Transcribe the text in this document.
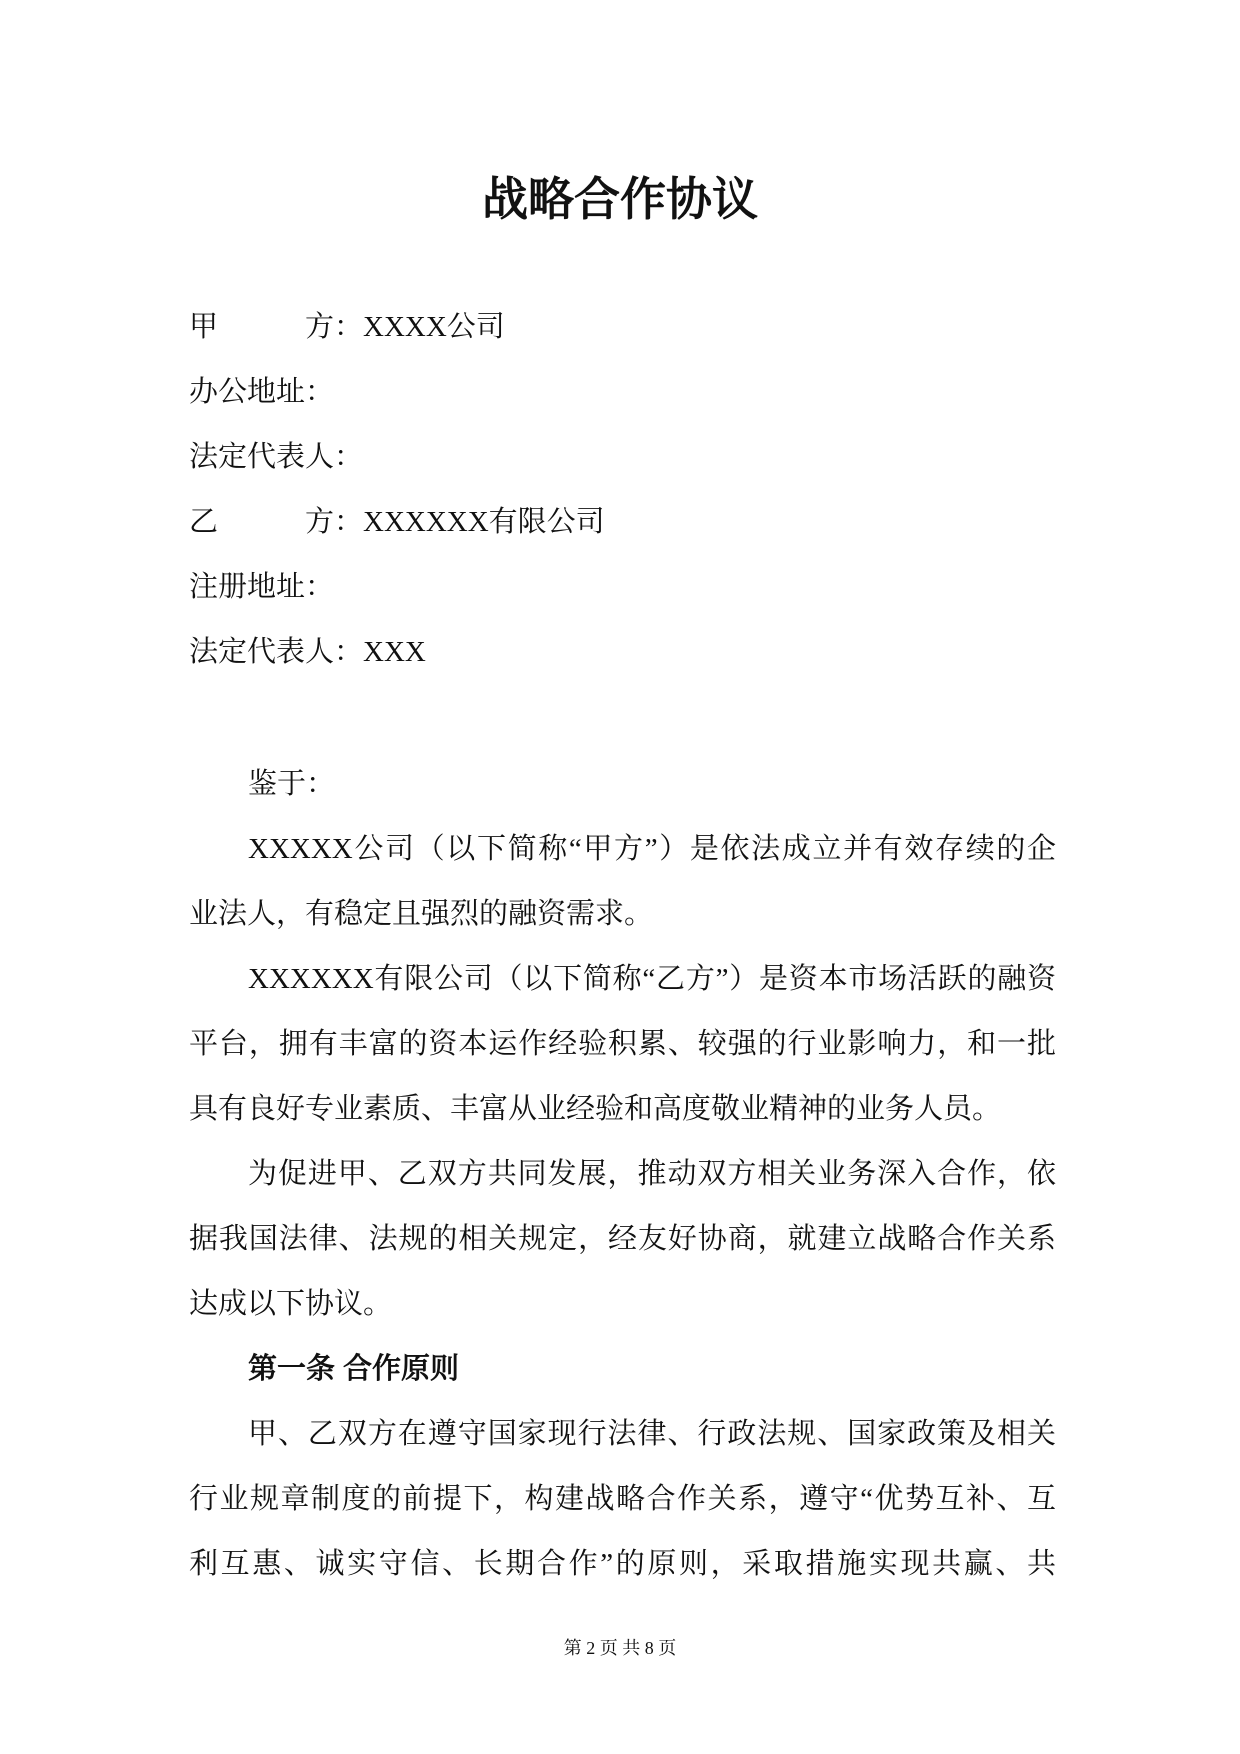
战略合作协议
甲方：XXXX公司
办公地址：
法定代表人：
乙方：XXXXXX有限公司
注册地址：
法定代表人：XXX
鉴于：
XXXXX公司（以下简称“甲方”）是依法成立并有效存续的企
业法人，有稳定且强烈的融资需求。
XXXXXX有限公司（以下简称“乙方”）是资本市场活跃的融资
平台，拥有丰富的资本运作经验积累、较强的行业影响力，和一批
具有良好专业素质、丰富从业经验和高度敬业精神的业务人员。
为促进甲、乙双方共同发展，推动双方相关业务深入合作，依
据我国法律、法规的相关规定，经友好协商，就建立战略合作关系
达成以下协议。
第一条 合作原则
甲、乙双方在遵守国家现行法律、行政法规、国家政策及相关
行业规章制度的前提下，构建战略合作关系，遵守“优势互补、互
利互惠、诚实守信、长期合作”的原则，采取措施实现共赢、共
第 2 页 共 8 页
